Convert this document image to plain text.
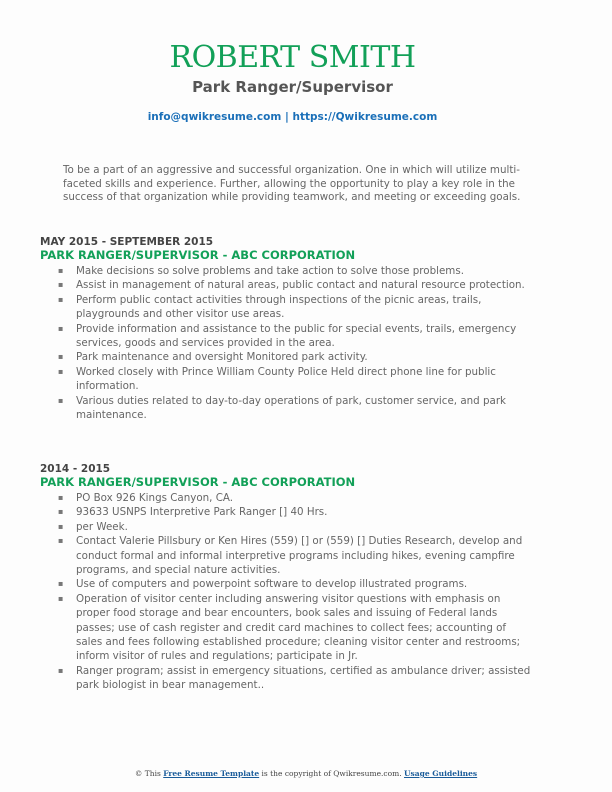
ROBERT SMITH
Park Ranger/Supervisor
info@qwikresume.com | https://Qwikresume.com
To be a part of an aggressive and successful organization. One in which will utilize multi-faceted skills and experience. Further, allowing the opportunity to play a key role in the success of that organization while providing teamwork, and meeting or exceeding goals.
MAY 2015 - SEPTEMBER 2015
PARK RANGER/SUPERVISOR - ABC CORPORATION
▪ Make decisions so solve problems and take action to solve those problems.
▪ Assist in management of natural areas, public contact and natural resource protection.
▪ Perform public contact activities through inspections of the picnic areas, trails, playgrounds and other visitor use areas.
▪ Provide information and assistance to the public for special events, trails, emergency services, goods and services provided in the area.
▪ Park maintenance and oversight Monitored park activity.
▪ Worked closely with Prince William County Police Held direct phone line for public information.
▪ Various duties related to day-to-day operations of park, customer service, and park maintenance.
2014 - 2015
PARK RANGER/SUPERVISOR - ABC CORPORATION
▪ PO Box 926 Kings Canyon, CA.
▪ 93633 USNPS Interpretive Park Ranger [] 40 Hrs.
▪ per Week.
▪ Contact Valerie Pillsbury or Ken Hires (559) [] or (559) [] Duties Research, develop and conduct formal and informal interpretive programs including hikes, evening campfire programs, and special nature activities.
▪ Use of computers and powerpoint software to develop illustrated programs.
▪ Operation of visitor center including answering visitor questions with emphasis on proper food storage and bear encounters, book sales and issuing of Federal lands passes; use of cash register and credit card machines to collect fees; accounting of sales and fees following established procedure; cleaning visitor center and restrooms; inform visitor of rules and regulations; participate in Jr.
▪ Ranger program; assist in emergency situations, certified as ambulance driver; assisted park biologist in bear management..
© This Free Resume Template is the copyright of Qwikresume.com. Usage Guidelines
